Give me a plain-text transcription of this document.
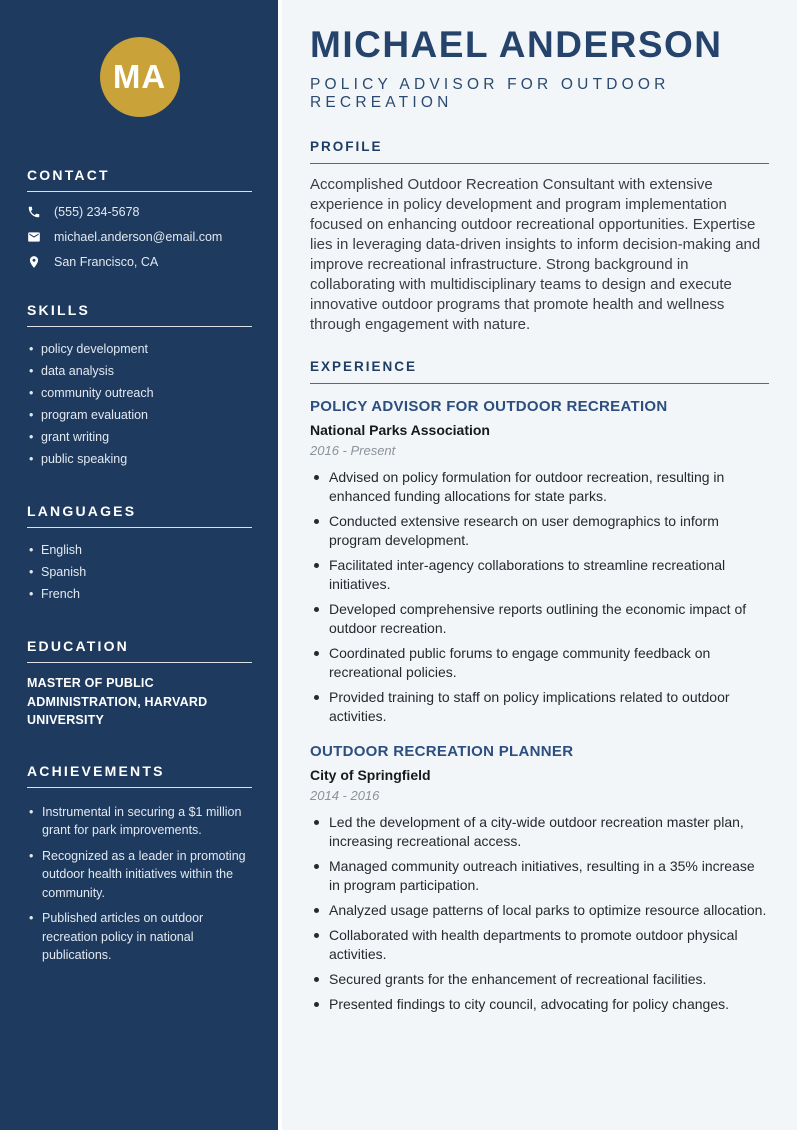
MA
CONTACT
(555) 234-5678
michael.anderson@email.com
San Francisco, CA
SKILLS
• policy development
• data analysis
• community outreach
• program evaluation
• grant writing
• public speaking
LANGUAGES
• English
• Spanish
• French
EDUCATION

MASTER OF PUBLIC ADMINISTRATION, HARVARD UNIVERSITY

ACHIEVEMENTS
• Instrumental in securing a $1 million grant for park improvements.
• Recognized as a leader in promoting outdoor health initiatives within the community.
• Published articles on outdoor recreation policy in national publications.
MICHAEL ANDERSON
POLICY ADVISOR FOR OUTDOOR RECREATION
PROFILE

Accomplished Outdoor Recreation Consultant with extensive experience in policy development and program implementation focused on enhancing outdoor recreational opportunities. Expertise lies in leveraging data-driven insights to inform decision-making and improve recreational infrastructure. Strong background in collaborating with multidisciplinary teams to design and execute innovative outdoor programs that promote health and wellness through engagement with nature.

EXPERIENCE
POLICY ADVISOR FOR OUTDOOR RECREATION
National Parks Association
2016 - Present
Advised on policy formulation for outdoor recreation, resulting in enhanced funding allocations for state parks.
Conducted extensive research on user demographics to inform program development.
Facilitated inter-agency collaborations to streamline recreational initiatives.
Developed comprehensive reports outlining the economic impact of outdoor recreation.
Coordinated public forums to engage community feedback on recreational policies.
Provided training to staff on policy implications related to outdoor activities.
OUTDOOR RECREATION PLANNER
City of Springfield
2014 - 2016
Led the development of a city-wide outdoor recreation master plan, increasing recreational access.
Managed community outreach initiatives, resulting in a 35% increase in program participation.
Analyzed usage patterns of local parks to optimize resource allocation.
Collaborated with health departments to promote outdoor physical activities.
Secured grants for the enhancement of recreational facilities.
Presented findings to city council, advocating for policy changes.
